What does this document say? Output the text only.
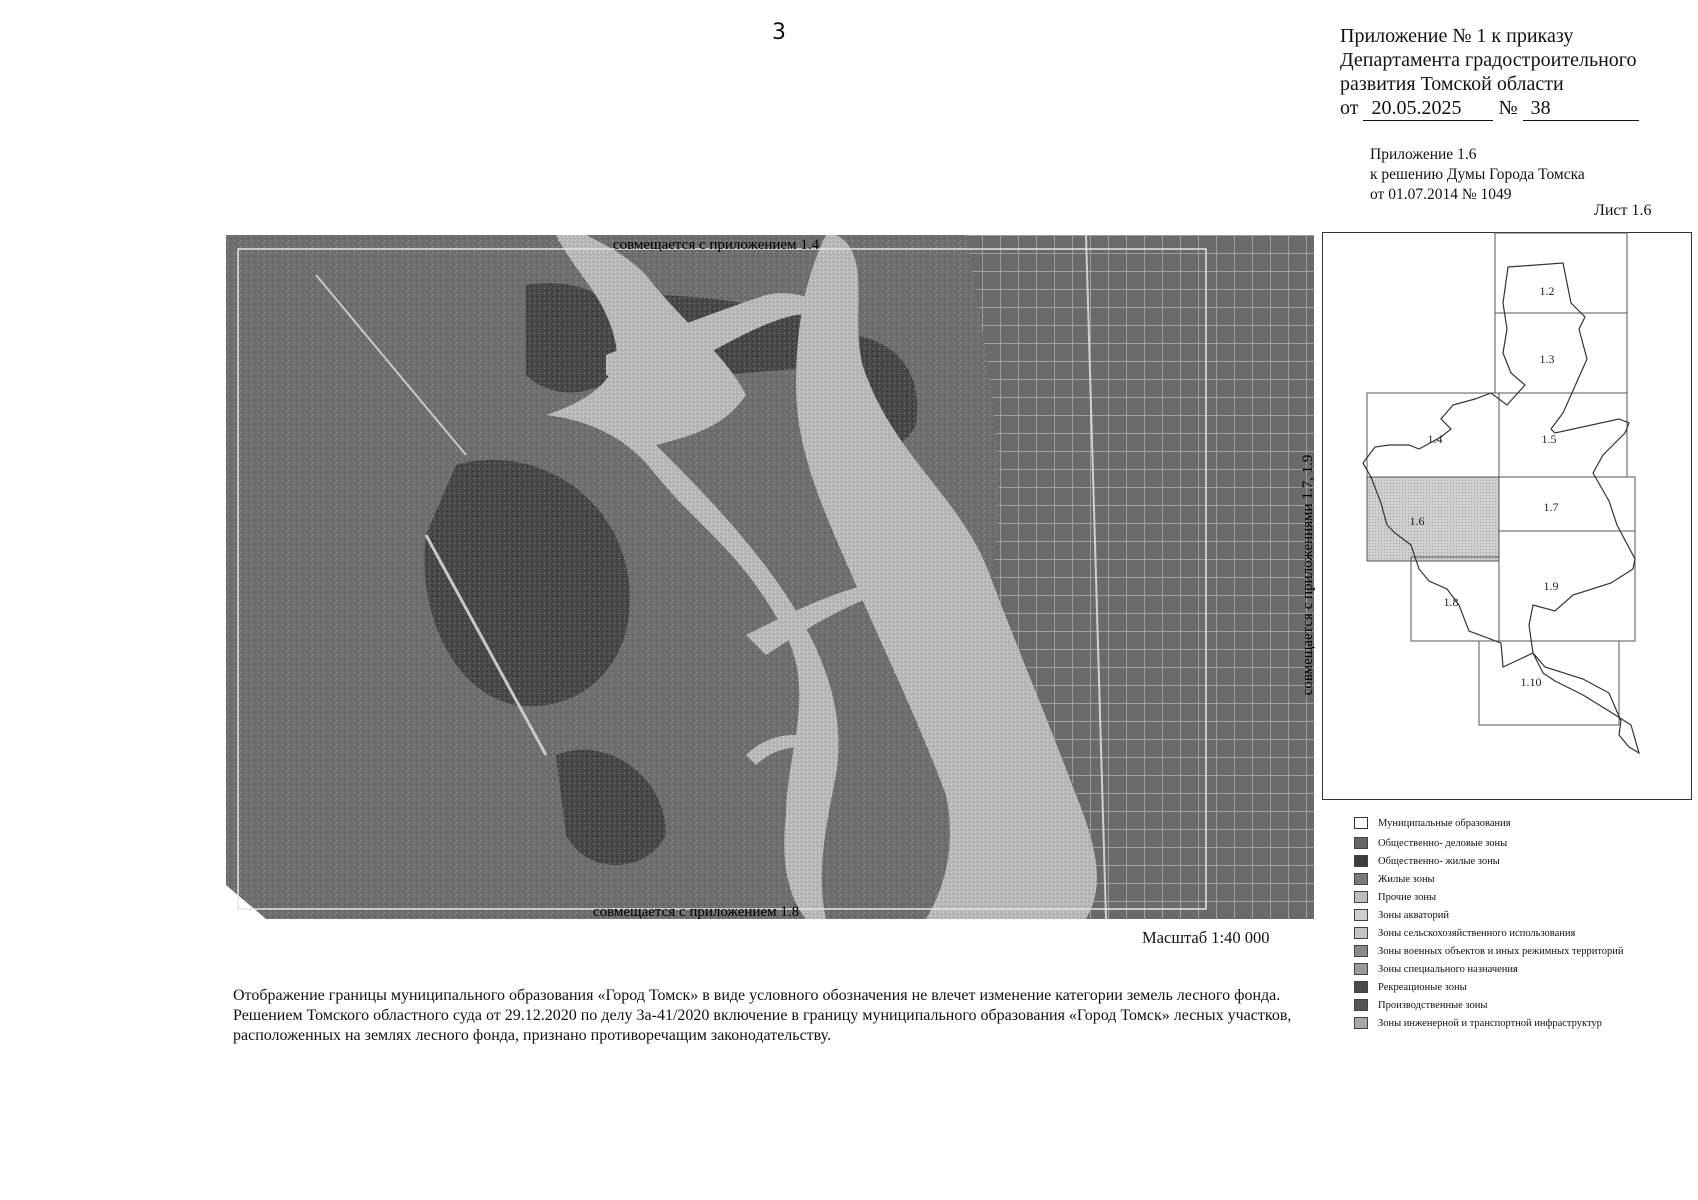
3	Приложение № 1 к приказу
Департамента градостроительного
развития Томской области
от 20.05.2025 № 38
Приложение 1.6
к решению Думы Города Томска
от 01.07.2014 № 1049
Лист 1.6
совмещается с приложением 1.4
совмещается с приложением 1.8
совмещается с приложениями 1.7, 1.9
1.2
1.3
1.4	1.5
1.6
1.7
1.8
1.9
1.10
Муниципальные образования
Общественно- деловые зоны
Общественно- жилые зоны
Жилые зоны
Прочие зоны
Зоны акваторий
Зоны сельскохозяйственного использования
Зоны военных объектов и иных режимных территорий
Зоны специального назначения
Рекреационые зоны
Производственные зоны
Зоны инженерной и транспортной инфраструктур
Масштаб 1:40 000
Отображение границы муниципального образования «Город Томск» в виде условного обозначения не влечет изменение категории земель лесного фонда. Решением Томского областного суда от 29.12.2020 по делу 3а-41/2020 включение в границу муниципального образования «Город Томск» лесных участков, расположенных на землях лесного фонда, признано противоречащим законодательству.
